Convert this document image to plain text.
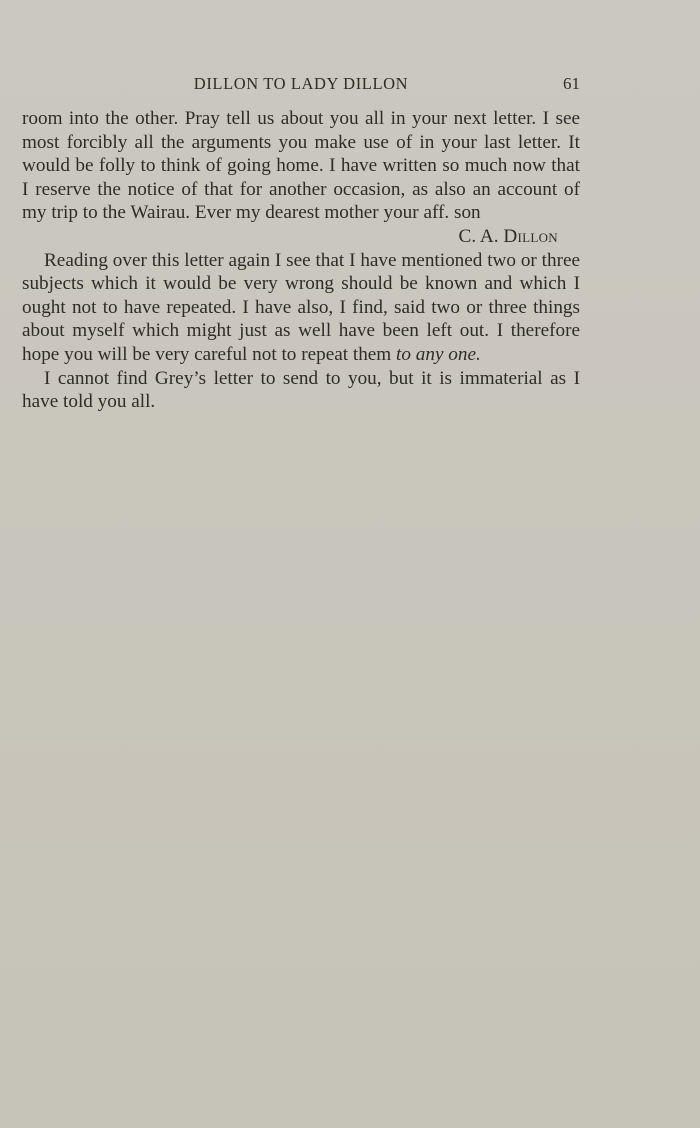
DILLON TO LADY DILLON	61

room into the other. Pray tell us about you all in your next letter. I see most forcibly all the arguments you make use of in your last letter. It would be folly to think of going home. I have written so much now that I reserve the notice of that for another occasion, as also an account of my trip to the Wairau. Ever my dearest mother your aff. son

C. A. Dillon

Reading over this letter again I see that I have mentioned two or three subjects which it would be very wrong should be known and which I ought not to have repeated. I have also, I find, said two or three things about myself which might just as well have been left out. I therefore hope you will be very careful not to repeat them to any one.

I cannot find Grey’s letter to send to you, but it is immaterial as I have told you all.
